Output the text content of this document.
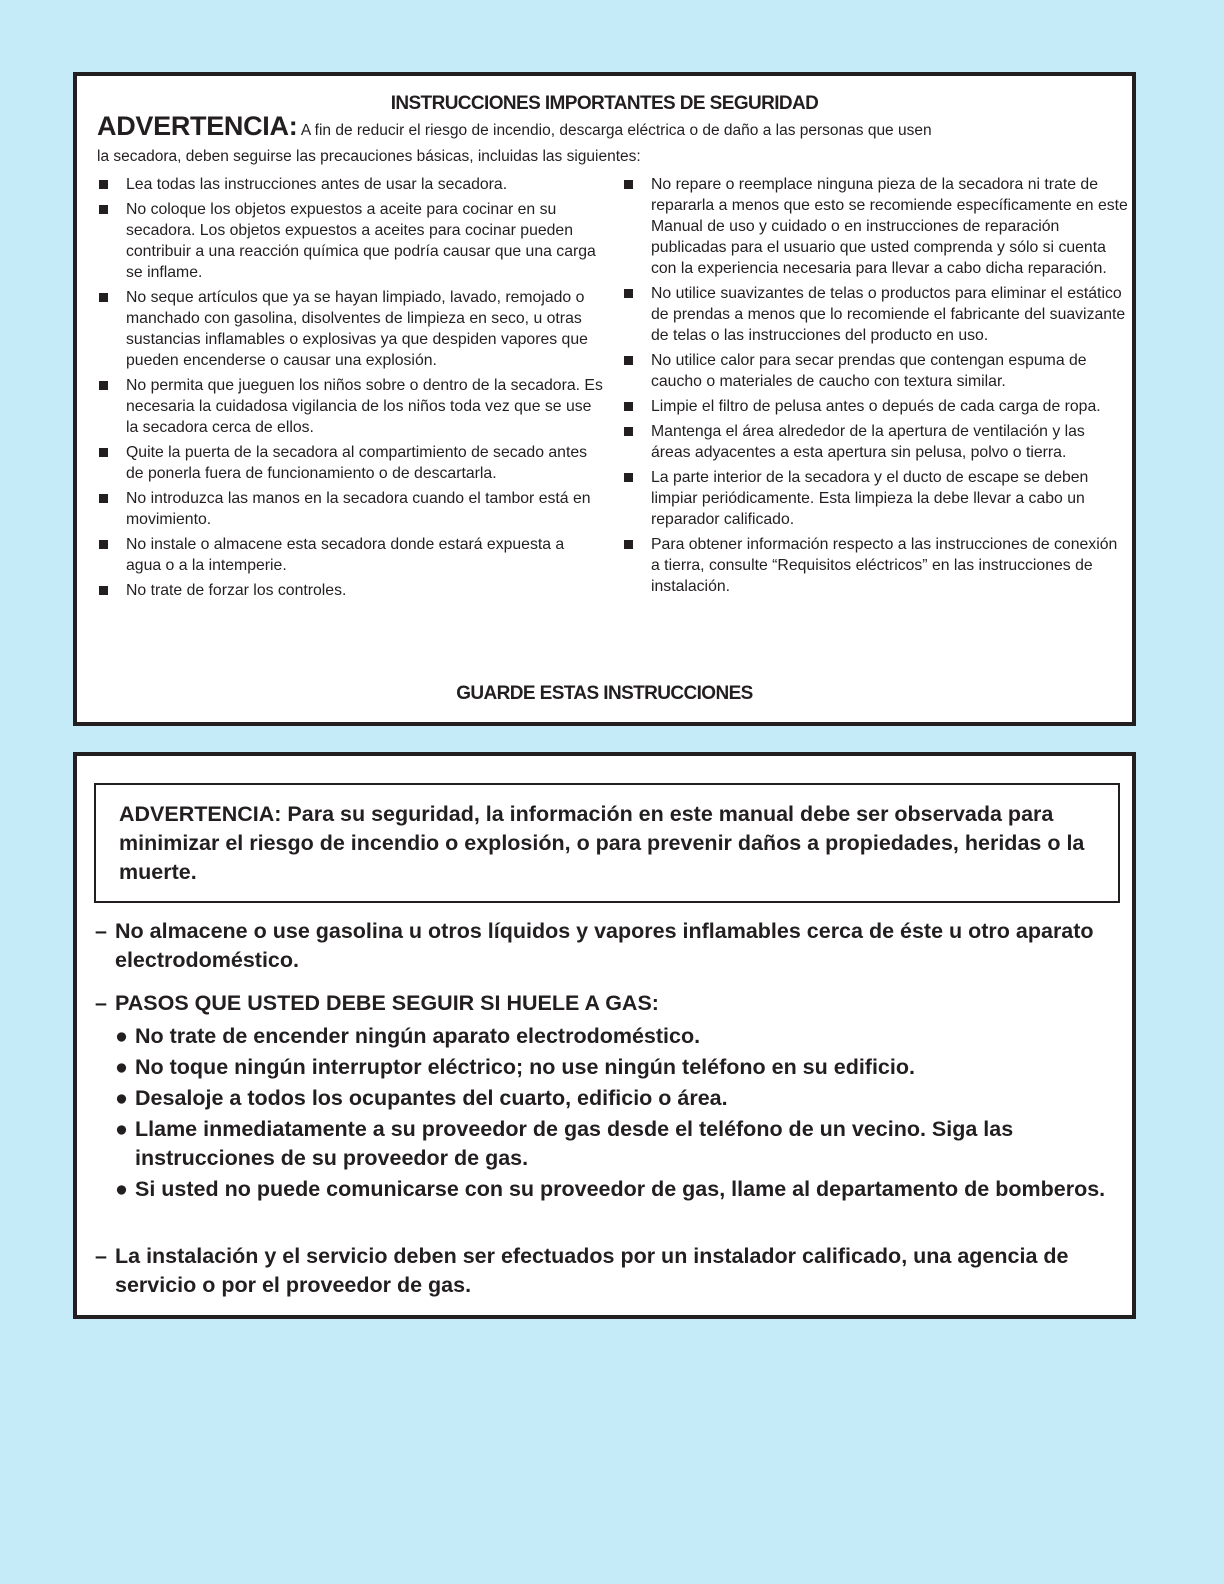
INSTRUCCIONES IMPORTANTES DE SEGURIDAD
ADVERTENCIA: A fin de reducir el riesgo de incendio, descarga eléctrica o de daño a las personas que usen
la secadora, deben seguirse las precauciones básicas, incluidas las siguientes:
Lea todas las instrucciones antes de usar la secadora.
No coloque los objetos expuestos a aceite para cocinar en su secadora. Los objetos expuestos a aceites para cocinar pueden contribuir a una reacción química que podría causar que una carga se inflame.
No seque artículos que ya se hayan limpiado, lavado, remojado o manchado con gasolina, disolventes de limpieza en seco, u otras sustancias inflamables o explosivas ya que despiden vapores que pueden encenderse o causar una explosión.
No permita que jueguen los niños sobre o dentro de la secadora. Es necesaria la cuidadosa vigilancia de los niños toda vez que se use la secadora cerca de ellos.
Quite la puerta de la secadora al compartimiento de secado antes de ponerla fuera de funcionamiento o de descartarla.
No introduzca las manos en la secadora cuando el tambor está en movimiento.
No instale o almacene esta secadora donde estará expuesta a agua o a la intemperie.
No trate de forzar los controles.
No repare o reemplace ninguna pieza de la secadora ni trate de repararla a menos que esto se recomiende específicamente en este Manual de uso y cuidado o en instrucciones de reparación publicadas para el usuario que usted comprenda y sólo si cuenta con la experiencia necesaria para llevar a cabo dicha reparación.
No utilice suavizantes de telas o productos para eliminar el estático de prendas a menos que lo recomiende el fabricante del suavizante de telas o las instrucciones del producto en uso.
No utilice calor para secar prendas que contengan espuma de caucho o materiales de caucho con textura similar.
Limpie el filtro de pelusa antes o depués de cada carga de ropa.
Mantenga el área alrededor de la apertura de ventilación y las áreas adyacentes a esta apertura sin pelusa, polvo o tierra.
La parte interior de la secadora y el ducto de escape se deben limpiar periódicamente. Esta limpieza la debe llevar a cabo un reparador calificado.
Para obtener información respecto a las instrucciones de conexión a tierra, consulte “Requisitos eléctricos” en las instrucciones de instalación.
GUARDE ESTAS INSTRUCCIONES
ADVERTENCIA: Para su seguridad, la información en este manual debe ser observada para minimizar el riesgo de incendio o explosión, o para prevenir daños a propiedades, heridas o la muerte.
– No almacene o use gasolina u otros líquidos y vapores inflamables cerca de éste u otro aparato electrodoméstico.
– PASOS QUE USTED DEBE SEGUIR SI HUELE A GAS:
● No trate de encender ningún aparato electrodoméstico.
● No toque ningún interruptor eléctrico; no use ningún teléfono en su edificio.
● Desaloje a todos los ocupantes del cuarto, edificio o área.
● Llame inmediatamente a su proveedor de gas desde el teléfono de un vecino. Siga las instrucciones de su proveedor de gas.
● Si usted no puede comunicarse con su proveedor de gas, llame al departamento de bomberos.
– La instalación y el servicio deben ser efectuados por un instalador calificado, una agencia de servicio o por el proveedor de gas.
